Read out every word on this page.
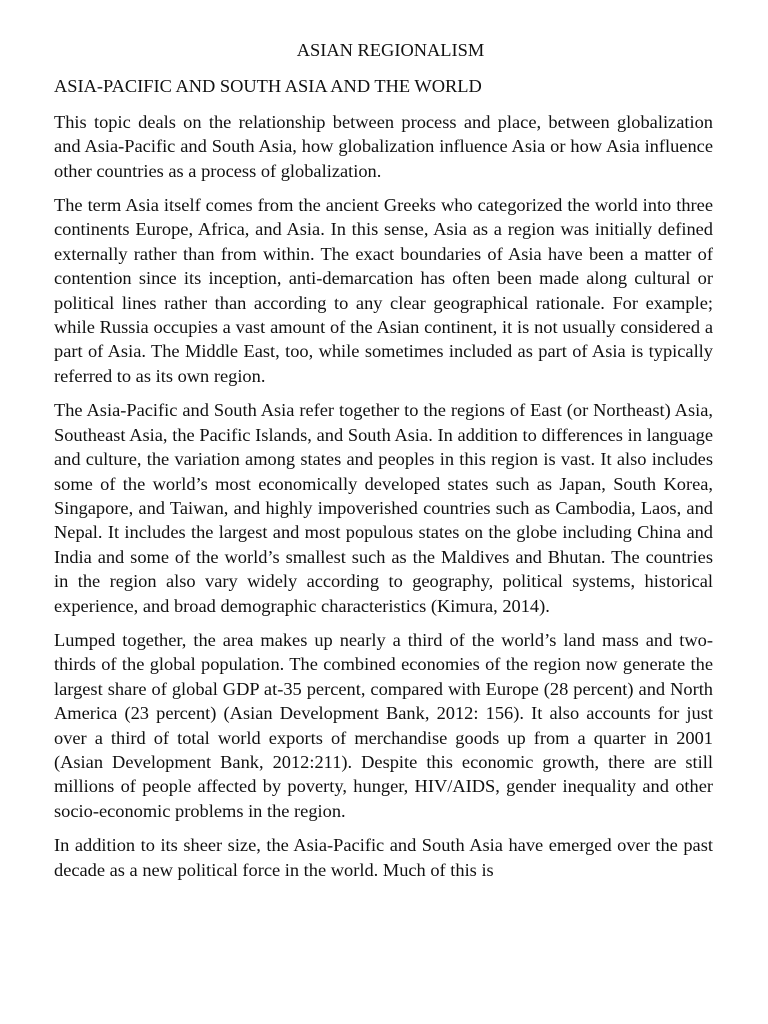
ASIAN REGIONALISM
ASIA-PACIFIC AND SOUTH ASIA AND THE WORLD

This topic deals on the relationship between process and place, between globalization and Asia-Pacific and South Asia, how globalization influence Asia or how Asia influence other countries as a process of globalization.

The term Asia itself comes from the ancient Greeks who categorized the world into three continents Europe, Africa, and Asia. In this sense, Asia as a region was initially defined externally rather than from within. The exact boundaries of Asia have been a matter of contention since its inception, anti-demarcation has often been made along cultural or political lines rather than according to any clear geographical rationale. For example; while Russia occupies a vast amount of the Asian continent, it is not usually considered a part of Asia. The Middle East, too, while sometimes included as part of Asia is typically referred to as its own region.

The Asia-Pacific and South Asia refer together to the regions of East (or Northeast) Asia, Southeast Asia, the Pacific Islands, and South Asia. In addition to differences in language and culture, the variation among states and peoples in this region is vast. It also includes some of the world’s most economically developed states such as Japan, South Korea, Singapore, and Taiwan, and highly impoverished countries such as Cambodia, Laos, and Nepal. It includes the largest and most populous states on the globe including China and India and some of the world’s smallest such as the Maldives and Bhutan. The countries in the region also vary widely according to geography, political systems, historical experience, and broad demographic characteristics (Kimura, 2014).

Lumped together, the area makes up nearly a third of the world’s land mass and two-thirds of the global population. The combined economies of the region now generate the largest share of global GDP at-35 percent, compared with Europe (28 percent) and North America (23 percent) (Asian Development Bank, 2012: 156). It also accounts for just over a third of total world exports of merchandise goods up from a quarter in 2001 (Asian Development Bank, 2012:211). Despite this economic growth, there are still millions of people affected by poverty, hunger, HIV/AIDS, gender inequality and other socio-economic problems in the region.

In addition to its sheer size, the Asia-Pacific and South Asia have emerged over the past decade as a new political force in the world. Much of this is
